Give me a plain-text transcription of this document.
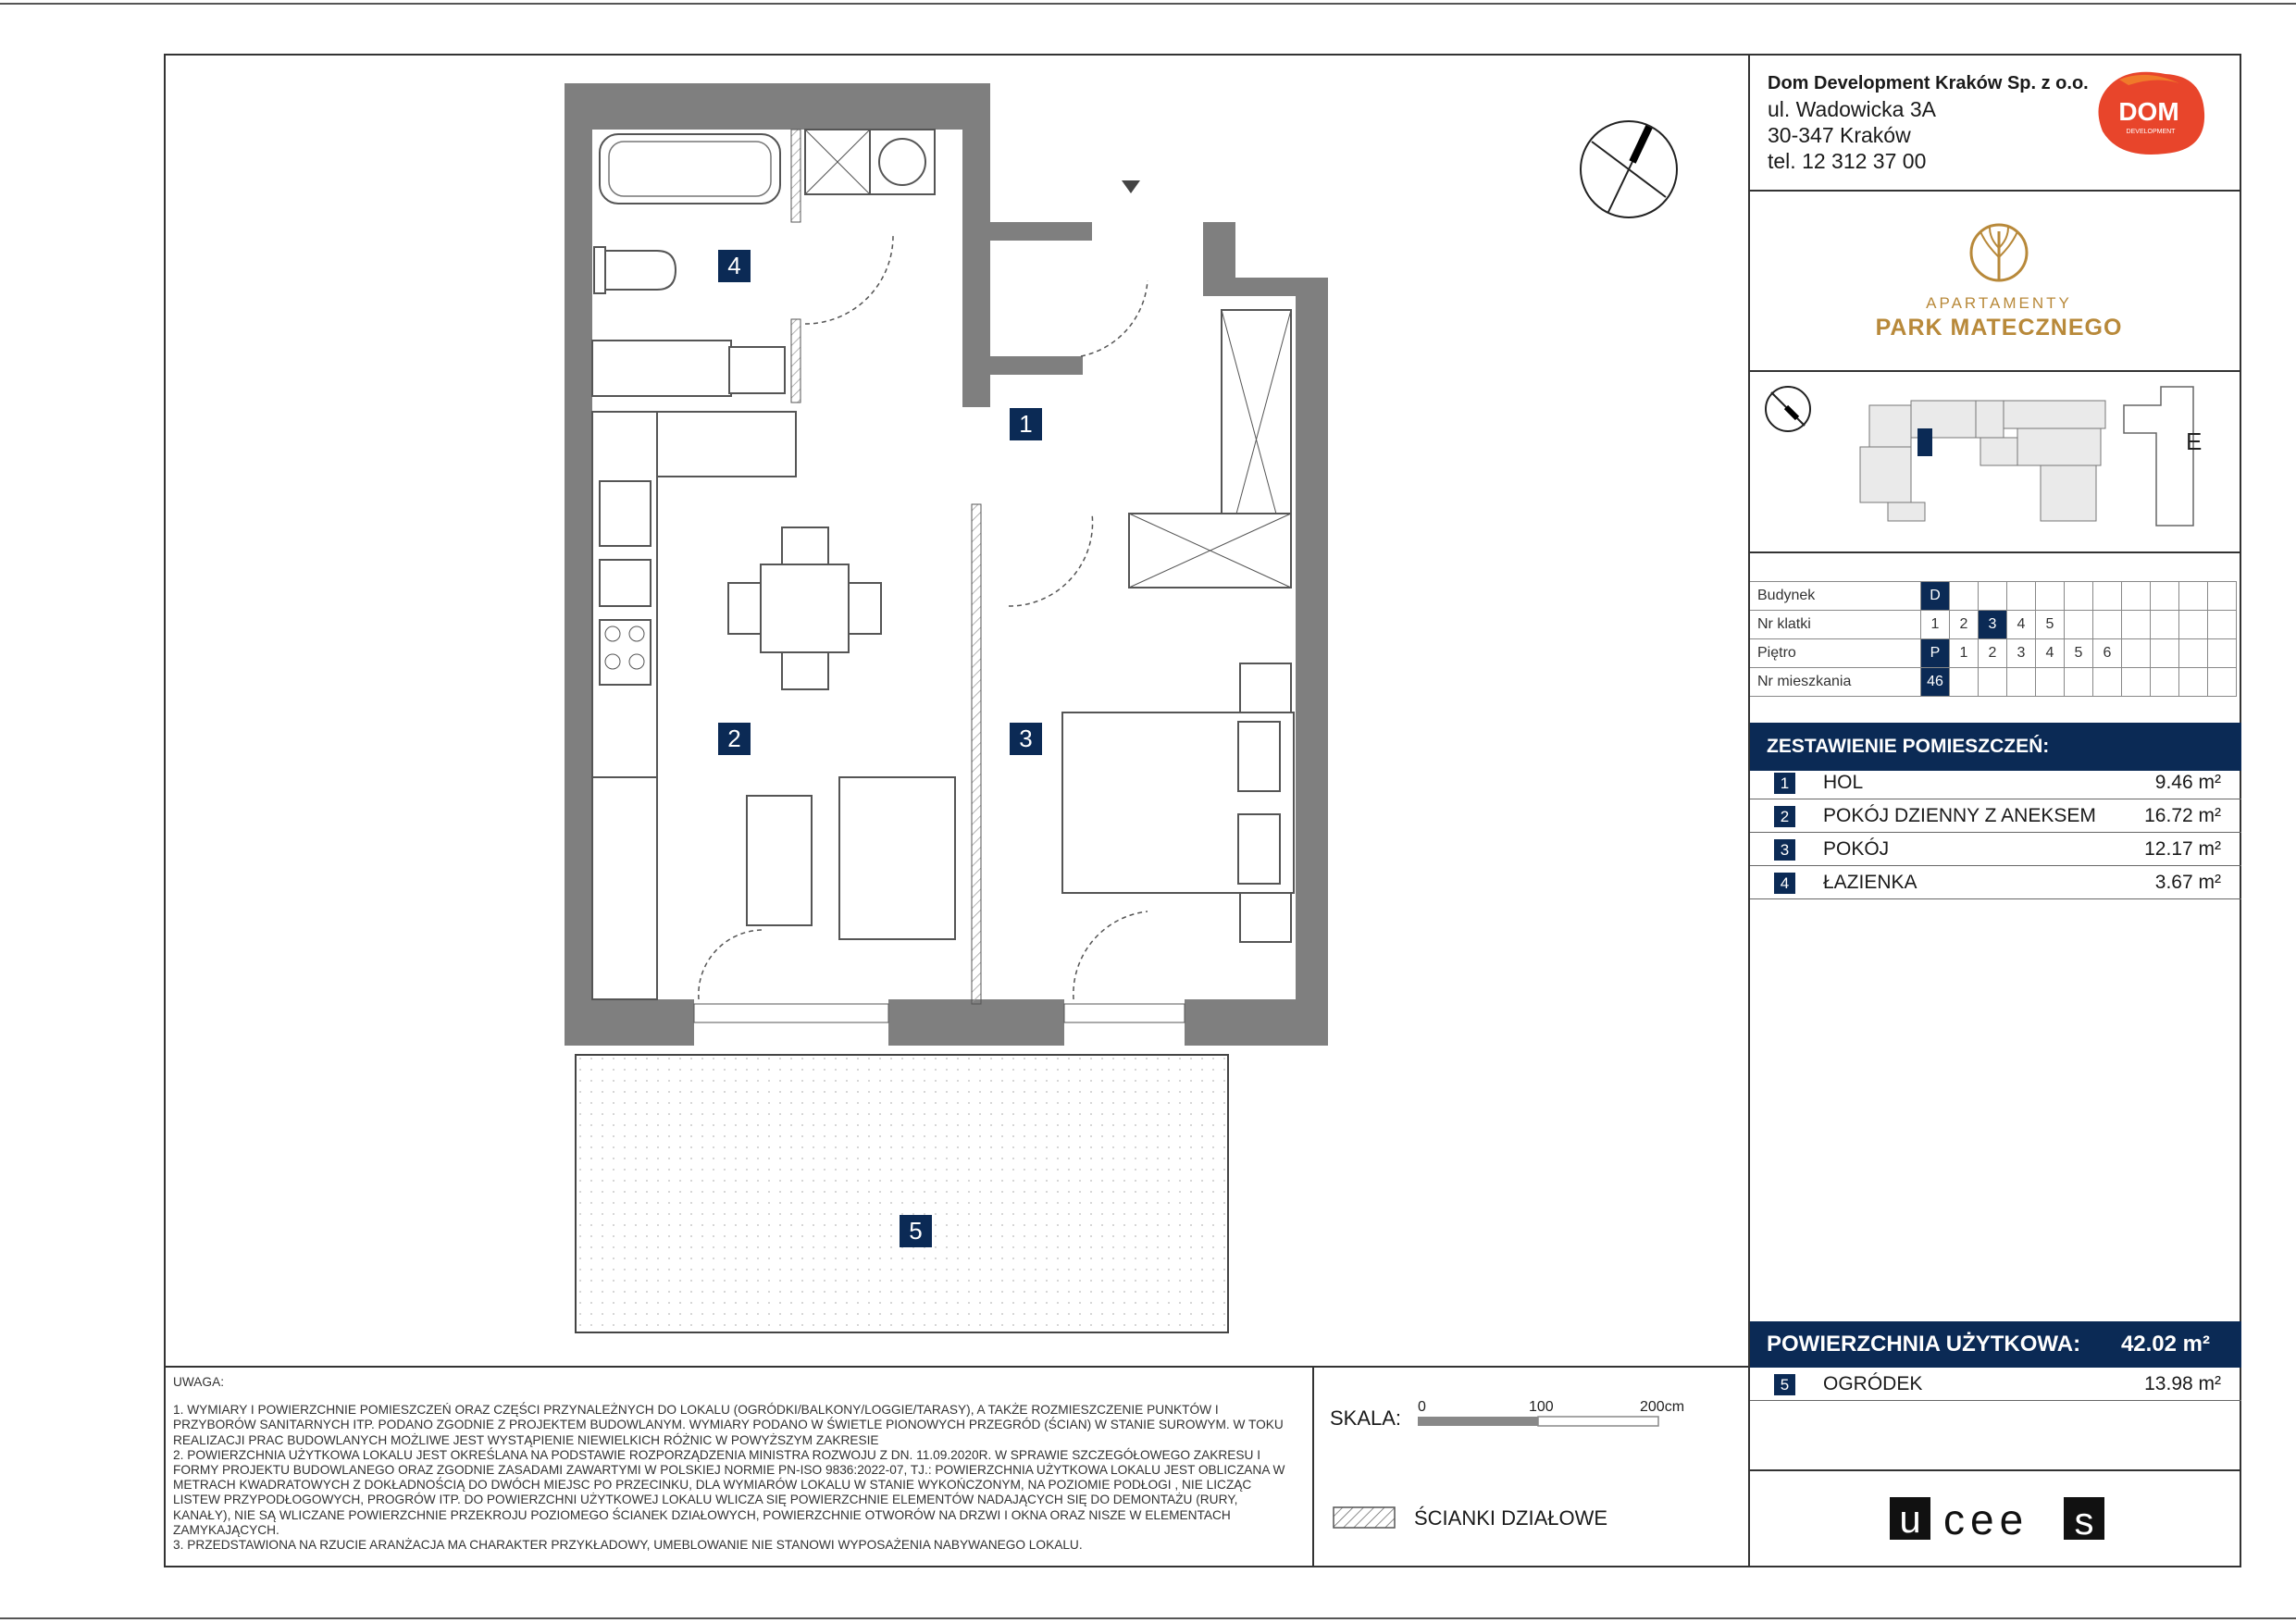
Dom Development Kraków Sp. z o.o.
ul. Wadowicka 3A
30-347 Kraków
tel. 12 312 37 00
DOM
DEVELOPMENT
APARTAMENTY
PARK MATECZNEGO
E
Budynek	D										
Nr klatki	1	2	3	4	5						
Piętro	P	1	2	3	4	5	6				
Nr mieszkania	46										
ZESTAWIENIE POMIESZCZEŃ:
1	HOL	9.46 m²
2	POKÓJ DZIENNY Z ANEKSEM 16.72 m²
3	POKÓJ	12.17 m²
4	ŁAZIENKA	3.67 m²
POWIERZCHNIA UŻYTKOWA: 42.02 m²
5	OGRÓDEK	13.98 m²
UWAGA:
1. WYMIARY I POWIERZCHNIE POMIESZCZEŃ ORAZ CZĘŚCI PRZYNALEŻNYCH DO LOKALU (OGRÓDKI/BALKONY/LOGGIE/TARASY), A TAKŻE ROZMIESZCZENIE PUNKTÓW I PRZYBORÓW SANITARNYCH ITP. PODANO ZGODNIE Z PROJEKTEM BUDOWLANYM. WYMIARY PODANO W ŚWIETLE PIONOWYCH PRZEGRÓD (ŚCIAN) W STANIE SUROWYM. W TOKU REALIZACJI PRAC BUDOWLANYCH MOŻLIWE JEST WYSTĄPIENIE NIEWIELKICH RÓŻNIC W POWYŻSZYM ZAKRESIE
2. POWIERZCHNIA UŻYTKOWA LOKALU JEST OKREŚLANA NA PODSTAWIE ROZPORZĄDZENIA MINISTRA ROZWOJU Z DN. 11.09.2020R. W SPRAWIE SZCZEGÓŁOWEGO ZAKRESU I FORMY PROJEKTU BUDOWLANEGO ORAZ ZGODNIE ZASADAMI ZAWARTYMI W POLSKIEJ NORMIE PN-ISO 9836:2022-07, TJ.: POWIERZCHNIA UŻYTKOWA LOKALU JEST OBLICZANA W METRACH KWADRATOWYCH Z DOKŁADNOŚCIĄ DO DWÓCH MIEJSC PO PRZECINKU, DLA WYMIARÓW LOKALU W STANIE WYKOŃCZONYM, NA POZIOMIE PODŁOGI , NIE LICZĄC LISTEW PRZYPODŁOGOWYCH, PROGRÓW ITP. DO POWIERZCHNI UŻYTKOWEJ LOKALU WLICZA SIĘ POWIERZCHNIE ELEMENTÓW NADAJĄCYCH SIĘ DO DEMONTAŻU (RURY, KANAŁY), NIE SĄ WLICZANE POWIERZCHNIE PRZEKROJU POZIOMEGO ŚCIANEK DZIAŁOWYCH, POWIERZCHNIE OTWORÓW NA DRZWI I OKNA ORAZ NISZE W ELEMENTACH ZAMYKAJĄCYCH.
3. PRZEDSTAWIONA NA RZUCIE ARANŻACJA MA CHARAKTER PRZYKŁADOWY, UMEBLOWANIE NIE STANOWI WYPOSAŻENIA NABYWANEGO LOKALU.
SKALA: 0	100	200cm
ŚCIANKI DZIAŁOWE	u cee s
ucees
1
2	3
4
5
